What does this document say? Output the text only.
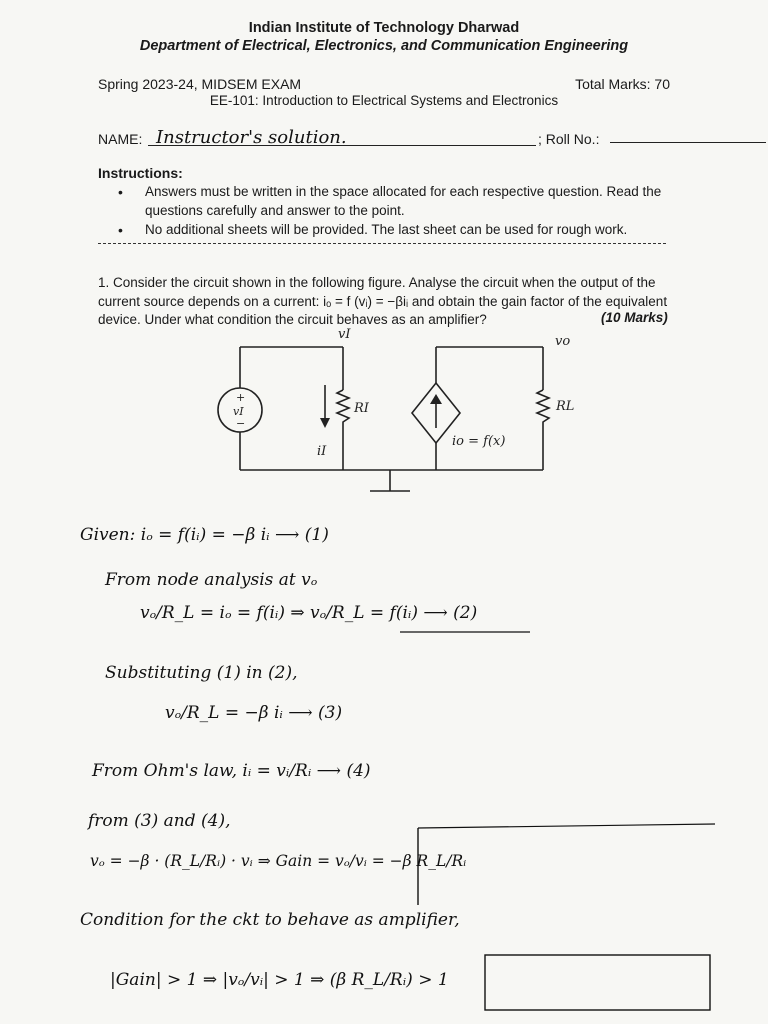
Indian Institute of Technology Dharwad
Department of Electrical, Electronics, and Communication Engineering
Spring 2023-24, MIDSEM EXAM	Total Marks: 70
EE-101: Introduction to Electrical Systems and Electronics
NAME: Instructor's solution.	; Roll No.:
Instructions:
• Answers must be written in the space allocated for each respective question. Read the questions carefully and answer to the point.
• No additional sheets will be provided. The last sheet can be used for rough work.

1. Consider the circuit shown in the following figure. Analyse the circuit when the output of the current source depends on a current: iₒ = f (vᵢ) = −βiᵢ and obtain the gain factor of the equivalent device. Under what condition the circuit behaves as an amplifier?	(10 Marks)
vI	vo
+
vI
−
RI	RL
iI
io = f(x)
Given: iₒ = f(iᵢ) = −β iᵢ ⟶ (1)
From node analysis at vₒ
vₒ/R_L = iₒ = f(iᵢ) ⇒ vₒ/R_L = f(iᵢ) ⟶ (2)
Substituting (1) in (2),
vₒ/R_L = −β iᵢ ⟶ (3)
From Ohm's law, iᵢ = vᵢ/Rᵢ ⟶ (4)
from (3) and (4),
vₒ = −β · (R_L/Rᵢ) · vᵢ ⇒ Gain = vₒ/vᵢ = −β R_L/Rᵢ
Condition for the ckt to behave as amplifier,
|Gain| > 1 ⇒ |vₒ/vᵢ| > 1 ⇒ (β R_L/Rᵢ) > 1
